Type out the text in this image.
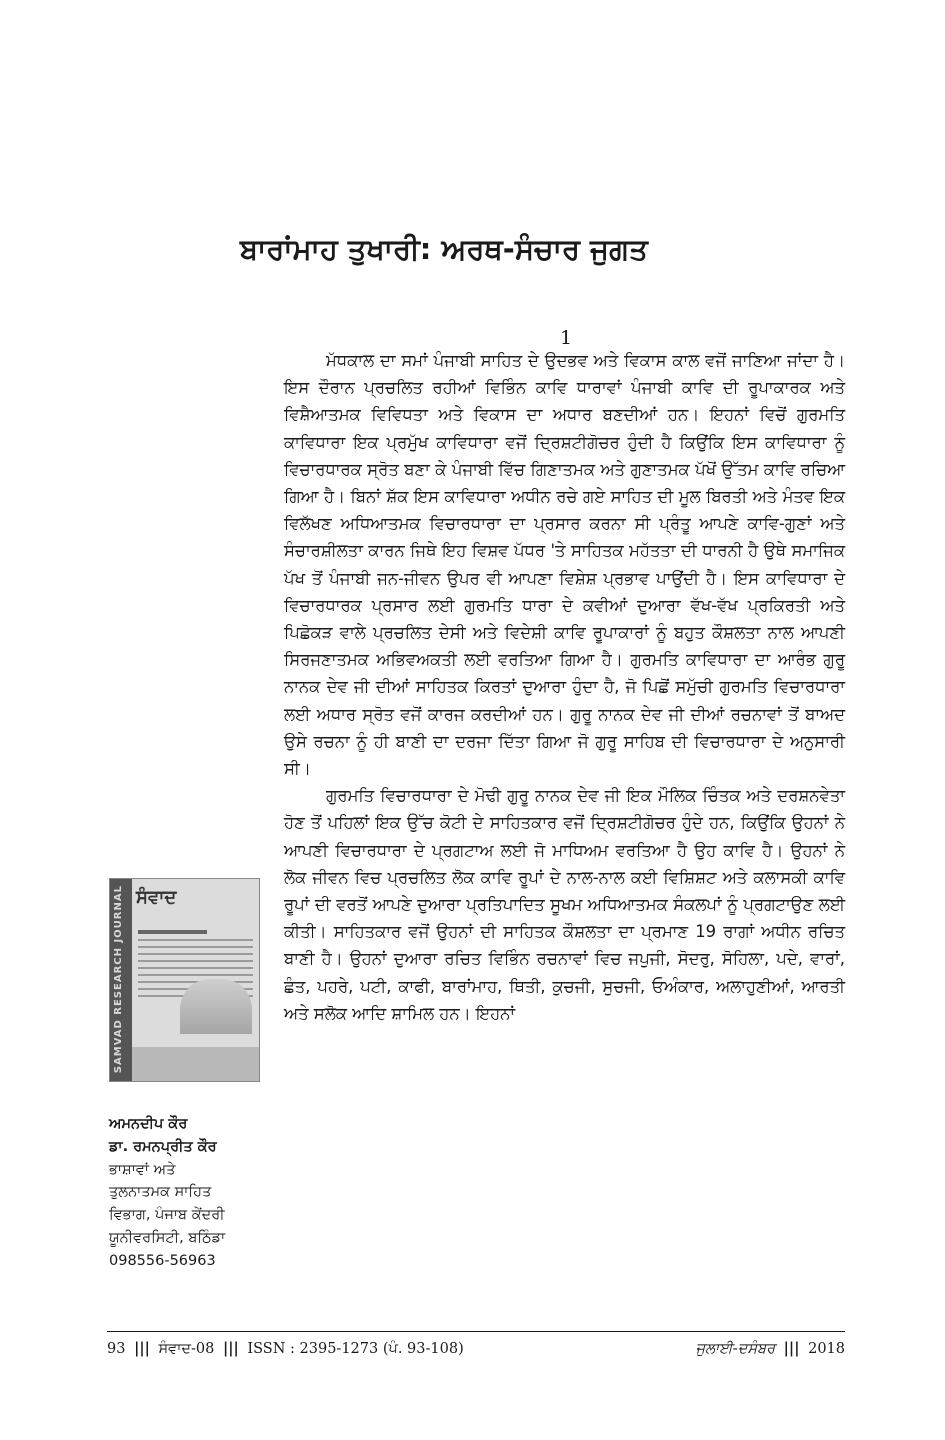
ਬਾਰਾਂਮਾਹ ਤੁਖਾਰੀ: ਅਰਥ-ਸੰਚਾਰ ਜੁਗਤ
1

ਮੱਧਕਾਲ ਦਾ ਸਮਾਂ ਪੰਜਾਬੀ ਸਾਹਿਤ ਦੇ ਉਦਭਵ ਅਤੇ ਵਿਕਾਸ ਕਾਲ ਵਜੋਂ ਜਾਣਿਆ ਜਾਂਦਾ ਹੈ। ਇਸ ਦੌਰਾਨ ਪ੍ਰਚਲਿਤ ਰਹੀਆਂ ਵਿਭਿੰਨ ਕਾਵਿ ਧਾਰਾਵਾਂ ਪੰਜਾਬੀ ਕਾਵਿ ਦੀ ਰੂਪਾਕਾਰਕ ਅਤੇ ਵਿਸ਼ੈਆਤਮਕ ਵਿਵਿਧਤਾ ਅਤੇ ਵਿਕਾਸ ਦਾ ਅਧਾਰ ਬਣਦੀਆਂ ਹਨ। ਇਹਨਾਂ ਵਿਚੋਂ ਗੁਰਮਤਿ ਕਾਵਿਧਾਰਾ ਇਕ ਪ੍ਰਮੁੱਖ ਕਾਵਿਧਾਰਾ ਵਜੋਂ ਦ੍ਰਿਸ਼ਟੀਗੋਚਰ ਹੁੰਦੀ ਹੈ ਕਿਉਂਕਿ ਇਸ ਕਾਵਿਧਾਰਾ ਨੂੰ ਵਿਚਾਰਧਾਰਕ ਸ੍ਰੋਤ ਬਣਾ ਕੇ ਪੰਜਾਬੀ ਵਿੱਚ ਗਿਣਾਤਮਕ ਅਤੇ ਗੁਣਾਤਮਕ ਪੱਖੋਂ ਉੱਤਮ ਕਾਵਿ ਰਚਿਆ ਗਿਆ ਹੈ। ਬਿਨਾਂ ਸ਼ੱਕ ਇਸ ਕਾਵਿਧਾਰਾ ਅਧੀਨ ਰਚੇ ਗਏ ਸਾਹਿਤ ਦੀ ਮੂਲ ਬਿਰਤੀ ਅਤੇ ਮੰਤਵ ਇਕ ਵਿਲੱਖਣ ਅਧਿਆਤਮਕ ਵਿਚਾਰਧਾਰਾ ਦਾ ਪ੍ਰਸਾਰ ਕਰਨਾ ਸੀ ਪ੍ਰੰਤੂ ਆਪਣੇ ਕਾਵਿ-ਗੁਣਾਂ ਅਤੇ ਸੰਚਾਰਸ਼ੀਲਤਾ ਕਾਰਨ ਜਿਥੇ ਇਹ ਵਿਸ਼ਵ ਪੱਧਰ 'ਤੇ ਸਾਹਿਤਕ ਮਹੱਤਤਾ ਦੀ ਧਾਰਨੀ ਹੈ ਉਥੇ ਸਮਾਜਿਕ ਪੱਖ ਤੋਂ ਪੰਜਾਬੀ ਜਨ-ਜੀਵਨ ਉਪਰ ਵੀ ਆਪਣਾ ਵਿਸ਼ੇਸ਼ ਪ੍ਰਭਾਵ ਪਾਉਂਦੀ ਹੈ। ਇਸ ਕਾਵਿਧਾਰਾ ਦੇ ਵਿਚਾਰਧਾਰਕ ਪ੍ਰਸਾਰ ਲਈ ਗੁਰਮਤਿ ਧਾਰਾ ਦੇ ਕਵੀਆਂ ਦੁਆਰਾ ਵੱਖ-ਵੱਖ ਪ੍ਰਕਿਰਤੀ ਅਤੇ ਪਿਛੋਕੜ ਵਾਲੇ ਪ੍ਰਚਲਿਤ ਦੇਸੀ ਅਤੇ ਵਿਦੇਸ਼ੀ ਕਾਵਿ ਰੂਪਾਕਾਰਾਂ ਨੂੰ ਬਹੁਤ ਕੌਸ਼ਲਤਾ ਨਾਲ ਆਪਣੀ ਸਿਰਜਣਾਤਮਕ ਅਭਿਵਅਕਤੀ ਲਈ ਵਰਤਿਆ ਗਿਆ ਹੈ। ਗੁਰਮਤਿ ਕਾਵਿਧਾਰਾ ਦਾ ਆਰੰਭ ਗੁਰੂ ਨਾਨਕ ਦੇਵ ਜੀ ਦੀਆਂ ਸਾਹਿਤਕ ਕਿਰਤਾਂ ਦੁਆਰਾ ਹੁੰਦਾ ਹੈ, ਜੋ ਪਿਛੋਂ ਸਮੁੱਚੀ ਗੁਰਮਤਿ ਵਿਚਾਰਧਾਰਾ ਲਈ ਅਧਾਰ ਸ੍ਰੋਤ ਵਜੋਂ ਕਾਰਜ ਕਰਦੀਆਂ ਹਨ। ਗੁਰੂ ਨਾਨਕ ਦੇਵ ਜੀ ਦੀਆਂ ਰਚਨਾਵਾਂ ਤੋਂ ਬਾਅਦ ਉਸੇ ਰਚਨਾ ਨੂੰ ਹੀ ਬਾਣੀ ਦਾ ਦਰਜਾ ਦਿੱਤਾ ਗਿਆ ਜੋ ਗੁਰੂ ਸਾਹਿਬ ਦੀ ਵਿਚਾਰਧਾਰਾ ਦੇ ਅਨੁਸਾਰੀ ਸੀ।

ਗੁਰਮਤਿ ਵਿਚਾਰਧਾਰਾ ਦੇ ਮੋਢੀ ਗੁਰੂ ਨਾਨਕ ਦੇਵ ਜੀ ਇਕ ਮੌਲਿਕ ਚਿੰਤਕ ਅਤੇ ਦਰਸ਼ਨਵੇਤਾ ਹੋਣ ਤੋਂ ਪਹਿਲਾਂ ਇਕ ਉੱਚ ਕੋਟੀ ਦੇ ਸਾਹਿਤਕਾਰ ਵਜੋਂ ਦ੍ਰਿਸ਼ਟੀਗੋਚਰ ਹੁੰਦੇ ਹਨ, ਕਿਉਂਕਿ ਉਹਨਾਂ ਨੇ ਆਪਣੀ ਵਿਚਾਰਧਾਰਾ ਦੇ ਪ੍ਰਗਟਾਅ ਲਈ ਜੋ ਮਾਧਿਅਮ ਵਰਤਿਆ ਹੈ ਉਹ ਕਾਵਿ ਹੈ। ਉਹਨਾਂ ਨੇ ਲੋਕ ਜੀਵਨ ਵਿਚ ਪ੍ਰਚਲਿਤ ਲੋਕ ਕਾਵਿ ਰੂਪਾਂ ਦੇ ਨਾਲ-ਨਾਲ ਕਈ ਵਿਸ਼ਿਸ਼ਟ ਅਤੇ ਕਲਾਸਕੀ ਕਾਵਿ ਰੂਪਾਂ ਦੀ ਵਰਤੋਂ ਆਪਣੇ ਦੁਆਰਾ ਪ੍ਰਤਿਪਾਦਿਤ ਸੂਖਮ ਅਧਿਆਤਮਕ ਸੰਕਲਪਾਂ ਨੂੰ ਪ੍ਰਗਟਾਉਣ ਲਈ ਕੀਤੀ। ਸਾਹਿਤਕਾਰ ਵਜੋਂ ਉਹਨਾਂ ਦੀ ਸਾਹਿਤਕ ਕੌਸ਼ਲਤਾ ਦਾ ਪ੍ਰਮਾਣ 19 ਰਾਗਾਂ ਅਧੀਨ ਰਚਿਤ ਬਾਣੀ ਹੈ। ਉਹਨਾਂ ਦੁਆਰਾ ਰਚਿਤ ਵਿਭਿੰਨ ਰਚਨਾਵਾਂ ਵਿਚ ਜਪੁਜੀ, ਸੋਦਰੁ, ਸੋਹਿਲਾ, ਪਦੇ, ਵਾਰਾਂ, ਛੰਤ, ਪਹਰੇ, ਪਟੀ, ਕਾਫੀ, ਬਾਰਾਂਮਾਹ, ਥਿਤੀ, ਕੁਚਜੀ, ਸੁਚਜੀ, ਓਅੰਕਾਰ, ਅਲਾਹੁਣੀਆਂ, ਆਰਤੀ ਅਤੇ ਸਲੋਕ ਆਦਿ ਸ਼ਾਮਿਲ ਹਨ। ਇਹਨਾਂ

SAMVAD RESEARCH JOURNAL ਸੰਵਾਦ
ਅਮਨਦੀਪ ਕੌਰ
ਡਾ. ਰਮਨਪ੍ਰੀਤ ਕੌਰ
ਭਾਸ਼ਾਵਾਂ ਅਤੇ
ਤੁਲਨਾਤਮਕ ਸਾਹਿਤ
ਵਿਭਾਗ, ਪੰਜਾਬ ਕੇਂਦਰੀ
ਯੂਨੀਵਰਸਿਟੀ, ਬਠਿੰਡਾ
098556-56963
93 ||| ਸੰਵਾਦ-08 ||| ISSN : 2395-1273 (ਪੰ. 93-108)	ਜੁਲਾਈ-ਦਸੰਬਰ ||| 2018
